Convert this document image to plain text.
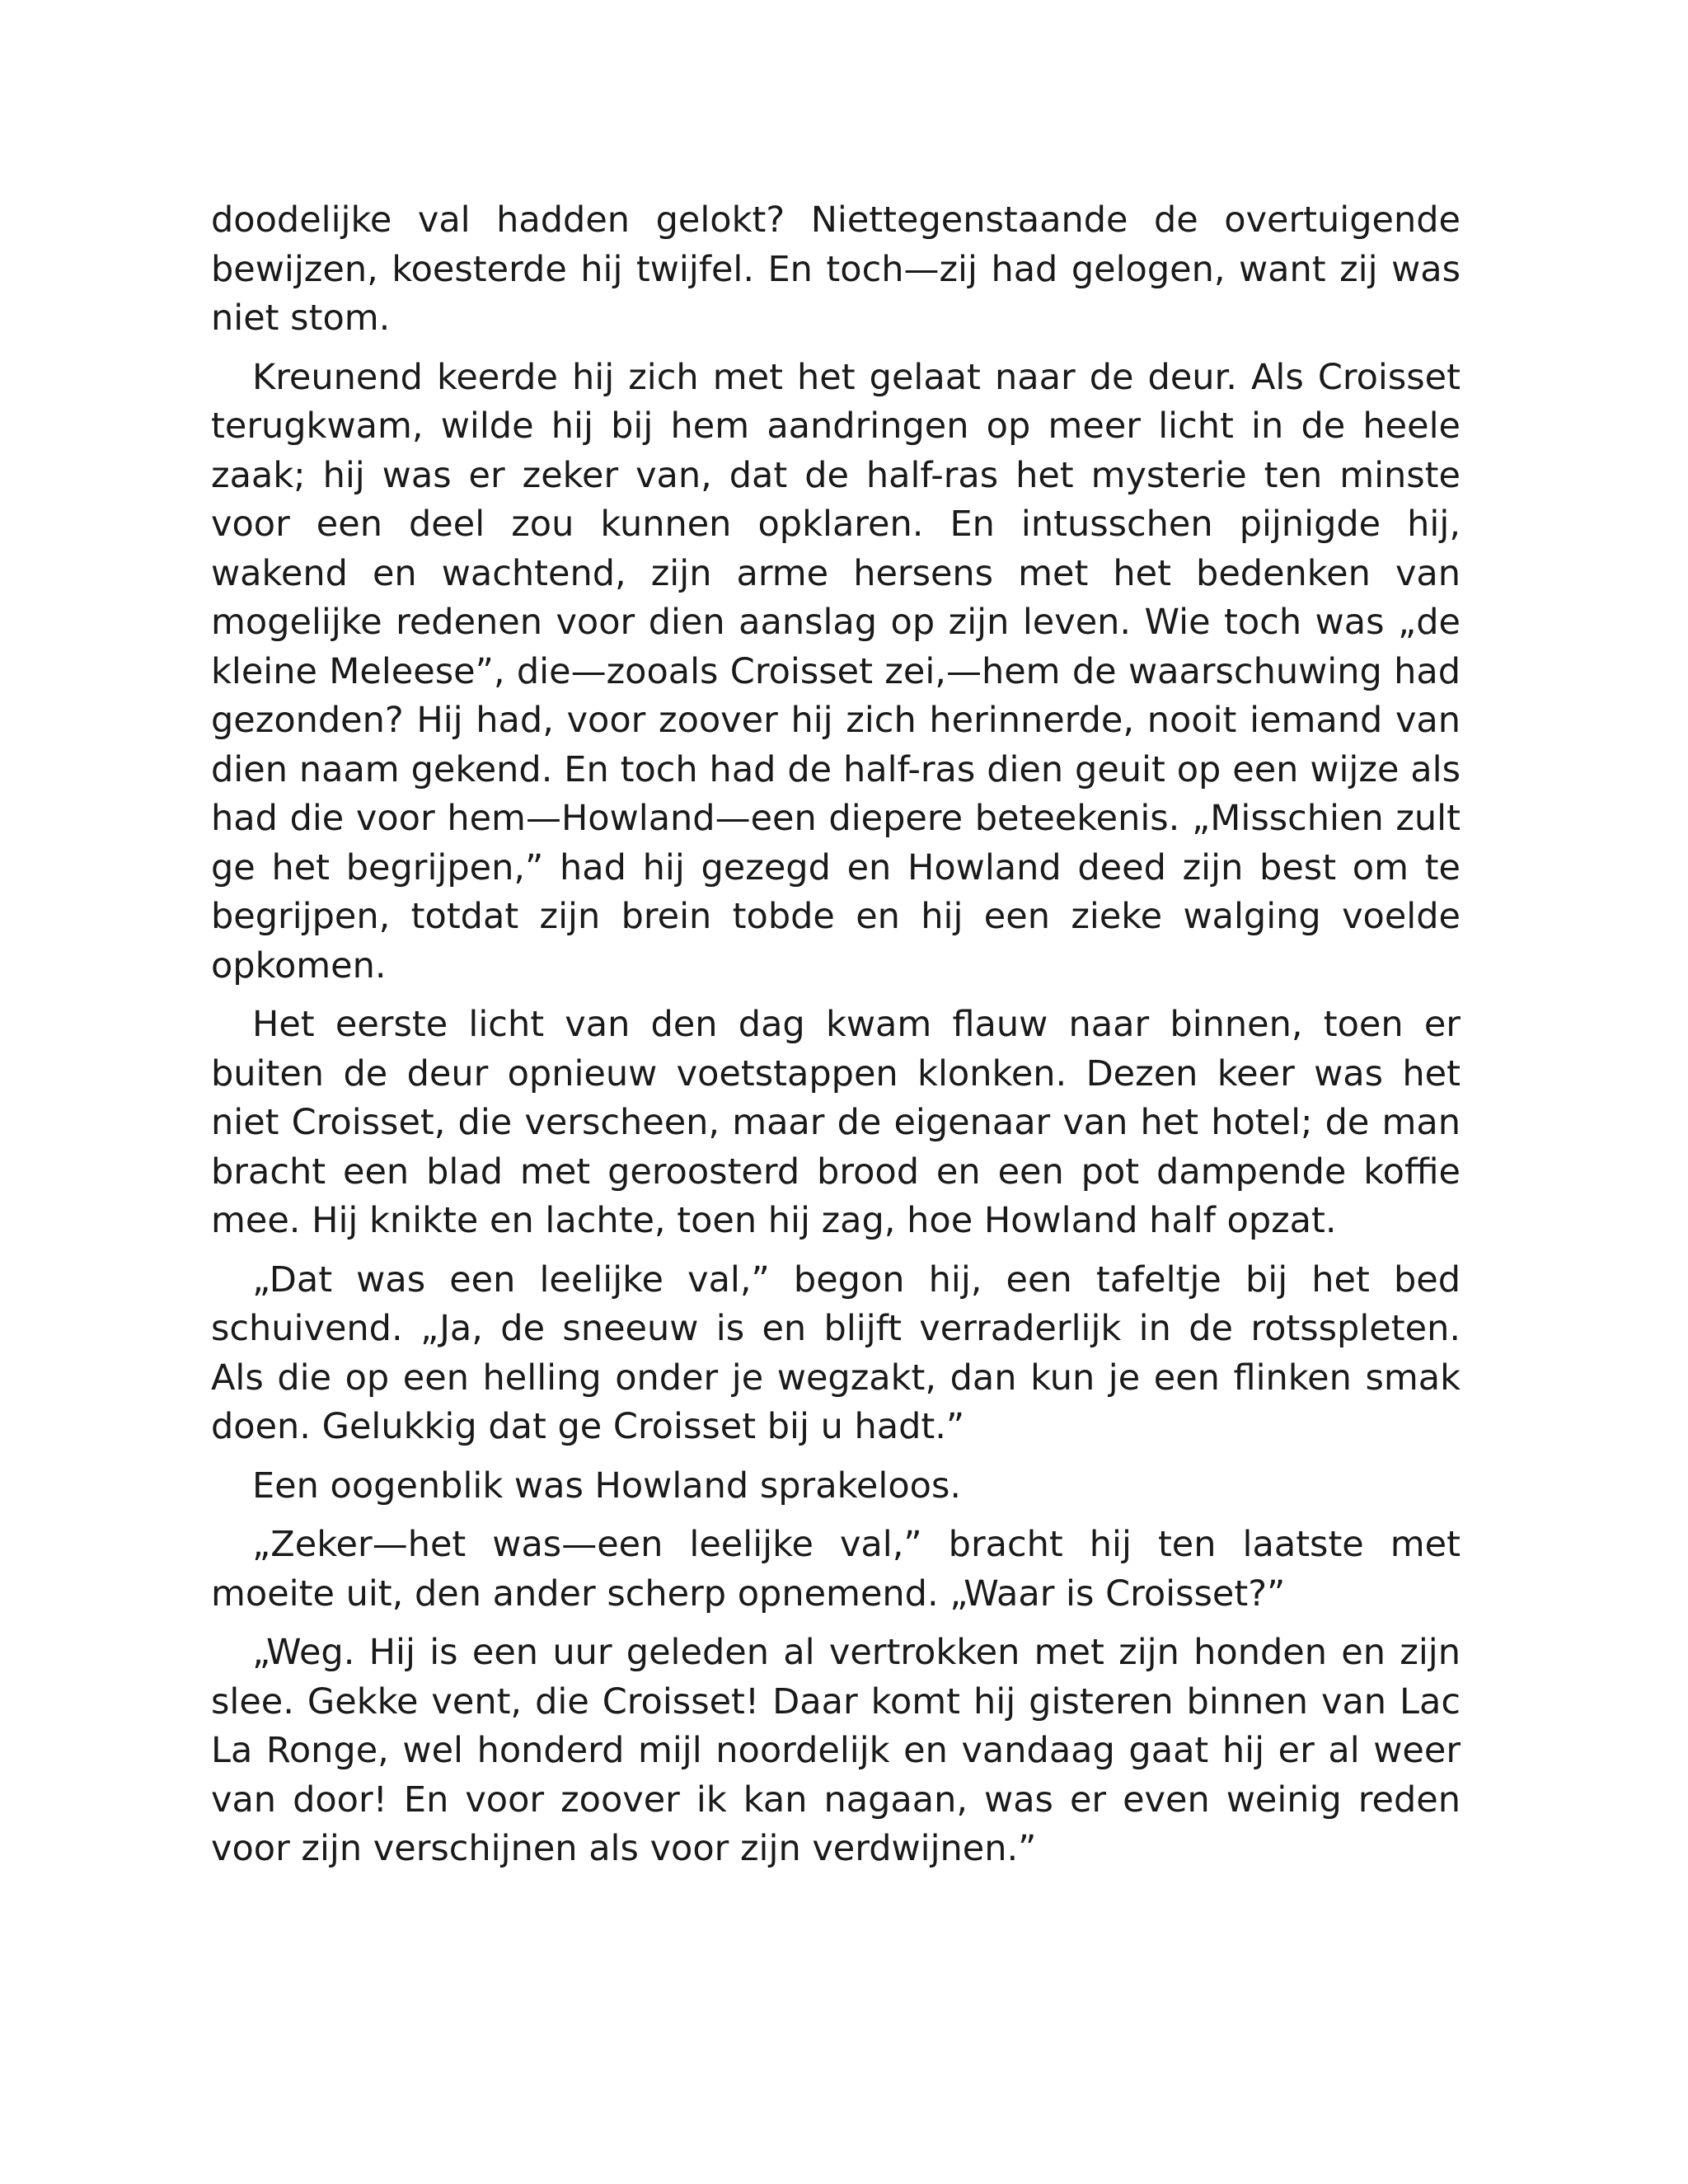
doodelijke val hadden gelokt? Niettegenstaande de overtuigende bewijzen, koesterde hij twijfel. En toch—zij had gelogen, want zij was niet stom.

Kreunend keerde hij zich met het gelaat naar de deur. Als Croisset terugkwam, wilde hij bij hem aandringen op meer licht in de heele zaak; hij was er zeker van, dat de half-ras het mysterie ten minste voor een deel zou kunnen opklaren. En intusschen pijnigde hij, wakend en wachtend, zijn arme hersens met het bedenken van mogelijke redenen voor dien aanslag op zijn leven. Wie toch was „de kleine Meleese”, die—zooals Croisset zei,—hem de waarschuwing had gezonden? Hij had, voor zoover hij zich herinnerde, nooit iemand van dien naam gekend. En toch had de half-ras dien geuit op een wijze als had die voor hem—Howland—een diepere beteekenis. „Misschien zult ge het begrijpen,” had hij gezegd en Howland deed zijn best om te begrijpen, totdat zijn brein tobde en hij een zieke walging voelde opkomen.

Het eerste licht van den dag kwam flauw naar binnen, toen er buiten de deur opnieuw voetstappen klonken. Dezen keer was het niet Croisset, die verscheen, maar de eigenaar van het hotel; de man bracht een blad met geroosterd brood en een pot dampende koffie mee. Hij knikte en lachte, toen hij zag, hoe Howland half opzat.

„Dat was een leelijke val,” begon hij, een tafeltje bij het bed schuivend. „Ja, de sneeuw is en blijft verraderlijk in de rotsspleten. Als die op een helling onder je wegzakt, dan kun je een flinken smak doen. Gelukkig dat ge Croisset bij u hadt.”

Een oogenblik was Howland sprakeloos.

„Zeker—het was—een leelijke val,” bracht hij ten laatste met moeite uit, den ander scherp opnemend. „Waar is Croisset?”

„Weg. Hij is een uur geleden al vertrokken met zijn honden en zijn slee. Gekke vent, die Croisset! Daar komt hij gisteren binnen van Lac La Ronge, wel honderd mijl noordelijk en vandaag gaat hij er al weer van door! En voor zoover ik kan nagaan, was er even weinig reden voor zijn verschijnen als voor zijn verdwijnen.”
